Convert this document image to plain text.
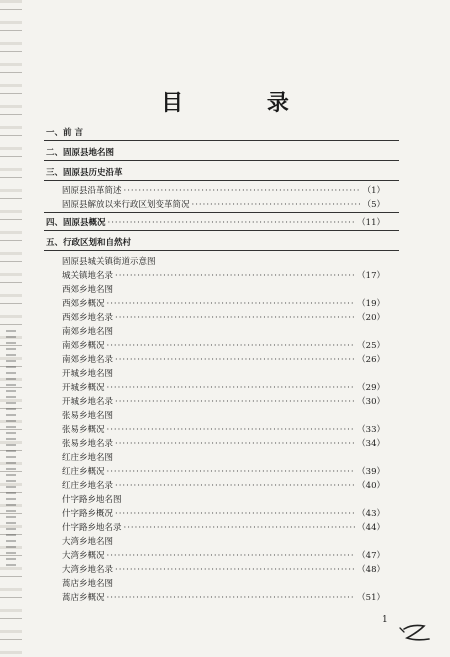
目 录
一、前 言
二、固原县地名图
三、固原县历史沿革
固原县沿革简述 ·····	（1）
固原县解放以来行政区划变革简况 ·····	（5）
四、固原县概况 ·····	（11）
五、行政区划和自然村
固原县城关镇街道示意图
城关镇地名录 ·····	（17）
西郊乡地名图
西郊乡概况 ·····	（19）
西郊乡地名录 ·····	（20）
南郊乡地名图
南郊乡概况 ·····	（25）
南郊乡地名录 ·····	（26）
开城乡地名图
开城乡概况 ·····	（29）
开城乡地名录 ·····	（30）
张易乡地名图
张易乡概况 ·····	（33）
张易乡地名录 ·····	（34）
红庄乡地名图
红庄乡概况 ·····	（39）
红庄乡地名录 ·····	（40）
什字路乡地名图
什字路乡概况 ·····	（43）
什字路乡地名录 ·····	（44）
大湾乡地名图
大湾乡概况 ·····	（47）
大湾乡地名录 ·····	（48）
蒿店乡地名图
蒿店乡概况 ·····	（51）
1
